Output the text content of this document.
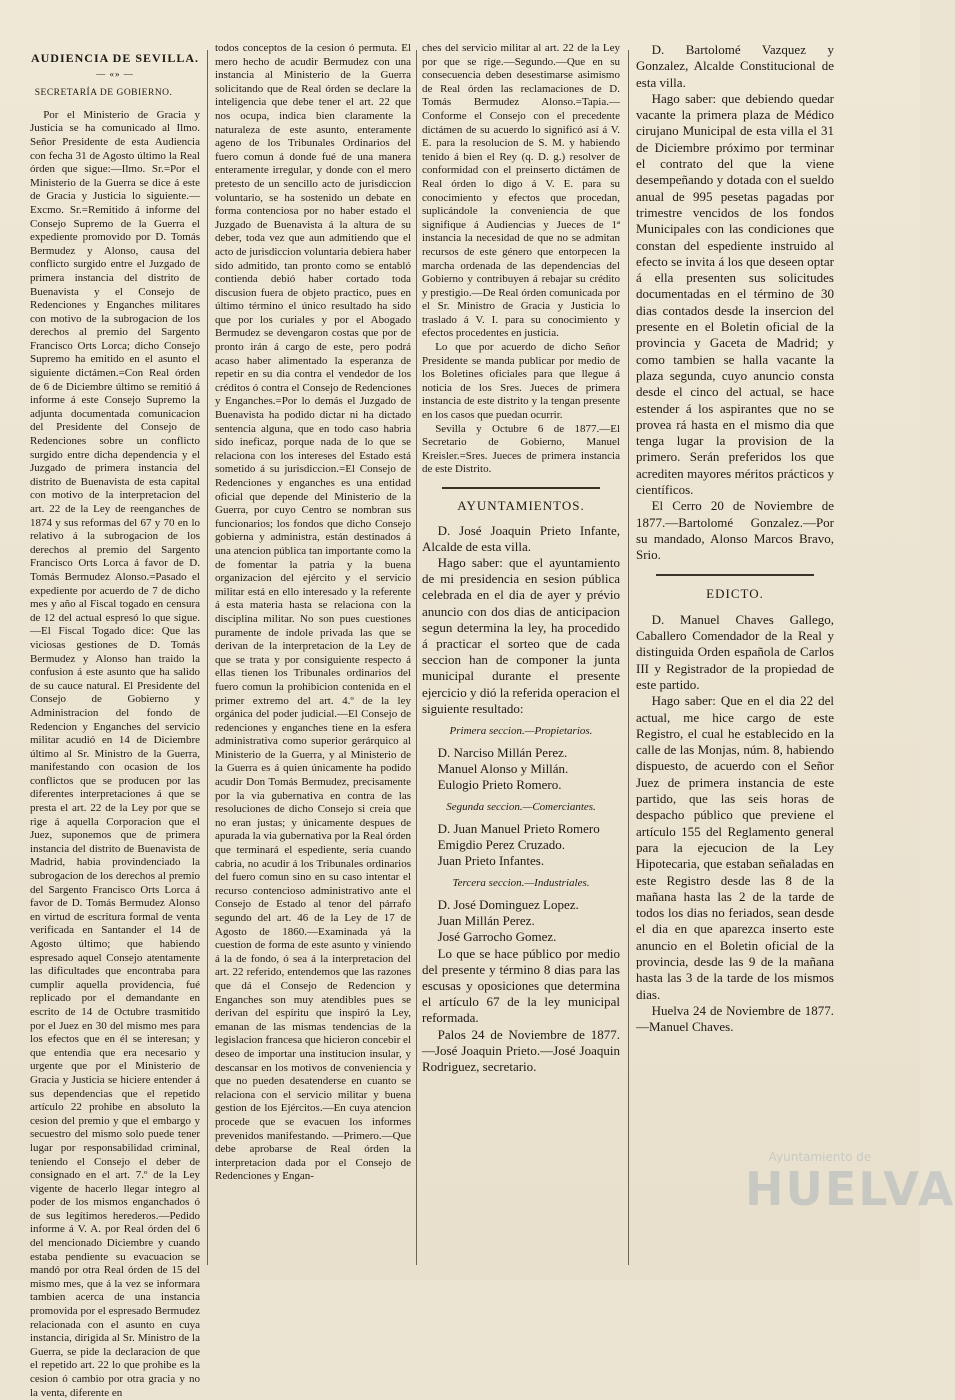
AUDIENCIA DE SEVILLA.
— «» —
SECRETARÍA DE GOBIERNO.

Por el Ministerio de Gracia y Justicia se ha comunicado al Ilmo. Señor Presidente de esta Audiencia con fecha 31 de Agosto último la Real órden que sigue:—Ilmo. Sr.=Por el Ministerio de la Guerra se dice á este de Gracia y Justicia lo siguiente.—Excmo. Sr.=Remitido á informe del Consejo Supremo de la Guerra el expediente promovido por D. Tomás Bermudez y Alonso, causa del conflicto surgido entre el Juzgado de primera instancia del distrito de Buenavista y el Consejo de Redenciones y Enganches militares con motivo de la subrogacion de los derechos al premio del Sargento Francisco Orts Lorca; dicho Consejo Supremo ha emitido en el asunto el siguiente dictámen.=Con Real órden de 6 de Diciembre último se remitió á informe á este Consejo Supremo la adjunta documentada comunicacion del Presidente del Consejo de Redenciones sobre un conflicto surgido entre dicha dependencia y el Juzgado de primera instancia del distrito de Buenavista de esta capital con motivo de la interpretacion del art. 22 de la Ley de reenganches de 1874 y sus reformas del 67 y 70 en lo relativo á la subrogacion de los derechos al premio del Sargento Francisco Orts Lorca á favor de D. Tomás Bermudez Alonso.=Pasado el expediente por acuerdo de 7 de dicho mes y año al Fiscal togado en censura de 12 del actual espresó lo que sigue.—El Fiscal Togado dice: Que las viciosas gestiones de D. Tomás Bermudez y Alonso han traido la confusion á este asunto que ha salido de su cauce natural. El Presidente del Consejo de Gobierno y Administracion del fondo de Redencion y Enganches del servicio militar acudió en 14 de Diciembre último al Sr. Ministro de la Guerra, manifestando con ocasion de los conflictos que se producen por las diferentes interpretaciones á que se presta el art. 22 de la Ley por que se rige á aquella Corporacion que el Juez, suponemos que de primera instancia del distrito de Buenavista de Madrid, habia provindenciado la subrogacion de los derechos al premio del Sargento Francisco Orts Lorca á favor de D. Tomás Bermudez Alonso en virtud de escritura formal de venta verificada en Santander el 14 de Agosto último; que habiendo espresado aquel Consejo atentamente las dificultades que encontraba para cumplir aquella providencia, fué replicado por el demandante en escrito de 14 de Octubre trasmitido por el Juez en 30 del mismo mes para los efectos que en él se interesan; y que entendia que era necesario y urgente que por el Ministerio de Gracia y Justicia se hiciere entender á sus dependencias que el repetido artículo 22 prohibe en absoluto la cesion del premio y que el embargo y secuestro del mismo solo puede tener lugar por responsabilidad criminal, teniendo el Consejo el deber de consignado en el art. 7.º de la Ley vigente de hacerlo llegar íntegro al poder de los mismos enganchados ó de sus legítimos herederos.—Pedido informe á V. A. por Real órden del 6 del mencionado Diciembre y cuando estaba pendiente su evacuacion se mandó por otra Real órden de 15 del mismo mes, que á la vez se informara tambien acerca de una instancia promovida por el espresado Bermudez relacionada con el asunto en cuya instancia, dirigida al Sr. Ministro de la Guerra, se pide la declaracion de que el repetido art. 22 lo que prohibe es la cesion ó cambio por otra gracia y no la venta, diferente en

todos conceptos de la cesion ó permuta. El mero hecho de acudir Bermudez con una instancia al Ministerio de la Guerra solicitando que de Real órden se declare la inteligencia que debe tener el art. 22 que nos ocupa, indica bien claramente la naturaleza de este asunto, enteramente ageno de los Tribunales Ordinarios del fuero comun á donde fué de una manera enteramente irregular, y donde con el mero pretesto de un sencillo acto de jurisdiccion voluntario, se ha sostenido un debate en forma contenciosa por no haber estado el Juzgado de Buenavista á la altura de su deber, toda vez que aun admitiendo que el acto de jurisdiccion voluntaria debiera haber sido admitido, tan pronto como se entabló contienda debió haber cortado toda discusion fuera de objeto practico, pues en último término el único resultado ha sido que por los curiales y por el Abogado Bermudez se devengaron costas que por de pronto irán á cargo de este, pero podrá acaso haber alimentado la esperanza de repetir en su dia contra el vendedor de los créditos ó contra el Consejo de Redenciones y Enganches.=Por lo demás el Juzgado de Buenavista ha podido dictar ni ha dictado sentencia alguna, que en todo caso habria sido ineficaz, porque nada de lo que se relaciona con los intereses del Estado está sometido á su jurisdiccion.=El Consejo de Redenciones y enganches es una entidad oficial que depende del Ministerio de la Guerra, por cuyo Centro se nombran sus funcionarios; los fondos que dicho Consejo gobierna y administra, están destinados á una atencion pública tan importante como la de fomentar la patria y la buena organizacion del ejército y el servicio militar está en ello interesado y la referente á esta materia hasta se relaciona con la disciplina militar. No son pues cuestiones puramente de índole privada las que se derivan de la interpretacion de la Ley de que se trata y por consiguiente respecto á ellas tienen los Tribunales ordinarios del fuero comun la prohibicion contenida en el primer extremo del art. 4.º de la ley orgánica del poder judicial.—El Consejo de redenciones y enganches tiene en la esfera administrativa como superior gerárquico al Ministerio de la Guerra, y al Ministerio de la Guerra es á quien únicamente ha podido acudir Don Tomás Bermudez, precisamente por la via gubernativa en contra de las resoluciones de dicho Consejo si creia que no eran justas; y únicamente despues de apurada la via gubernativa por la Real órden que terminará el espediente, sería cuando cabria, no acudir á los Tribunales ordinarios del fuero comun sino en su caso intentar el recurso contencioso administrativo ante el Consejo de Estado al tenor del párrafo segundo del art. 46 de la Ley de 17 de Agosto de 1860.—Examinada yá la cuestion de forma de este asunto y viniendo á la de fondo, ó sea á la interpretacion del art. 22 referido, entendemos que las razones que dá el Consejo de Redencion y Enganches son muy atendibles pues se derivan del espíritu que inspiró la Ley, emanan de las mismas tendencias de la legislacion francesa que hicieron concebir el deseo de importar una institucion insular, y descansar en los motivos de conveniencia y que no pueden desatenderse en cuanto se relaciona con el servicio militar y buena gestion de los Ejércitos.—En cuya atencion procede que se evacuen los informes prevenidos manifestando. —Primero.—Que debe aprobarse de Real órden la interpretacion dada por el Consejo de Redenciones y Engan-

ches del servicio militar al art. 22 de la Ley por que se rige.—Segundo.—Que en su consecuencia deben desestimarse asimismo de Real órden las reclamaciones de D. Tomás Bermudez Alonso.=Tapia.—Conforme el Consejo con el precedente dictámen de su acuerdo lo significó así á V. E. para la resolucion de S. M. y habiendo tenido á bien el Rey (q. D. g.) resolver de conformidad con el preinserto dictámen de Real órden lo digo á V. E. para su conocimiento y efectos que procedan, suplicándole la conveniencia de que signifique á Audiencias y Jueces de 1ª instancia la necesidad de que no se admitan recursos de este género que entorpecen la marcha ordenada de las dependencias del Gobierno y contribuyen á rebajar su crédito y prestigio.—De Real órden comunicada por el Sr. Ministro de Gracia y Justicia lo traslado á V. I. para su conocimiento y efectos procedentes en justicia.

Lo que por acuerdo de dicho Señor Presidente se manda publicar por medio de los Boletines oficiales para que llegue á noticia de los Sres. Jueces de primera instancia de este distrito y la tengan presente en los casos que puedan ocurrir.

Sevilla y Octubre 6 de 1877.—El Secretario de Gobierno, Manuel Kreisler.=Sres. Jueces de primera instancia de este Distrito.

AYUNTAMIENTOS.

D. José Joaquin Prieto Infante, Alcalde de esta villa.

Hago saber: que el ayuntamiento de mi presidencia en sesion pública celebrada en el dia de ayer y prévio anuncio con dos dias de anticipacion segun determina la ley, ha procedido á practicar el sorteo que de cada seccion han de componer la junta municipal durante el presente ejercicio y dió la referida operacion el siguiente resultado:

Primera seccion.—Propietarios.

D. Narciso Millán Perez.

Manuel Alonso y Millán.

Eulogio Prieto Romero.

Segunda seccion.—Comerciantes.

D. Juan Manuel Prieto Romero

Emigdio Perez Cruzado.

Juan Prieto Infantes.

Tercera seccion.—Industriales.

D. José Dominguez Lopez.

Juan Millán Perez.

José Garrocho Gomez.

Lo que se hace público por medio del presente y término 8 dias para las escusas y oposiciones que determina el artículo 67 de la ley municipal reformada.

Palos 24 de Noviembre de 1877.—José Joaquin Prieto.—José Joaquin Rodriguez, secretario.

D. Bartolomé Vazquez y Gonzalez, Alcalde Constitucional de esta villa.

Hago saber: que debiendo quedar vacante la primera plaza de Médico cirujano Municipal de esta villa el 31 de Diciembre próximo por terminar el contrato del que la viene desempeñando y dotada con el sueldo anual de 995 pesetas pagadas por trimestre vencidos de los fondos Municipales con las condiciones que constan del espediente instruido al efecto se invita á los que deseen optar á ella presenten sus solicitudes documentadas en el término de 30 dias contados desde la insercion del presente en el Boletin oficial de la provincia y Gaceta de Madrid; y como tambien se halla vacante la plaza segunda, cuyo anuncio consta desde el cinco del actual, se hace estender á los aspirantes que no se provea rá hasta en el mismo dia que tenga lugar la provision de la primero. Serán preferidos los que acrediten mayores méritos prácticos y científicos.

El Cerro 20 de Noviembre de 1877.—Bartolomé Gonzalez.—Por su mandado, Alonso Marcos Bravo, Srio.

EDICTO.

D. Manuel Chaves Gallego, Caballero Comendador de la Real y distinguida Orden española de Carlos III y Registrador de la propiedad de este partido.

Hago saber: Que en el dia 22 del actual, me hice cargo de este Registro, el cual he establecido en la calle de las Monjas, núm. 8, habiendo dispuesto, de acuerdo con el Señor Juez de primera instancia de este partido, que las seis horas de despacho público que previene el artículo 155 del Reglamento general para la ejecucion de la Ley Hipotecaria, que estaban señaladas en este Registro desde las 8 de la mañana hasta las 2 de la tarde de todos los dias no feriados, sean desde el dia en que aparezca inserto este anuncio en el Boletin oficial de la provincia, desde las 9 de la mañana hasta las 3 de la tarde de los mismos dias.

Huelva 24 de Noviembre de 1877.—Manuel Chaves.

Ayuntamiento de
HUELVA
